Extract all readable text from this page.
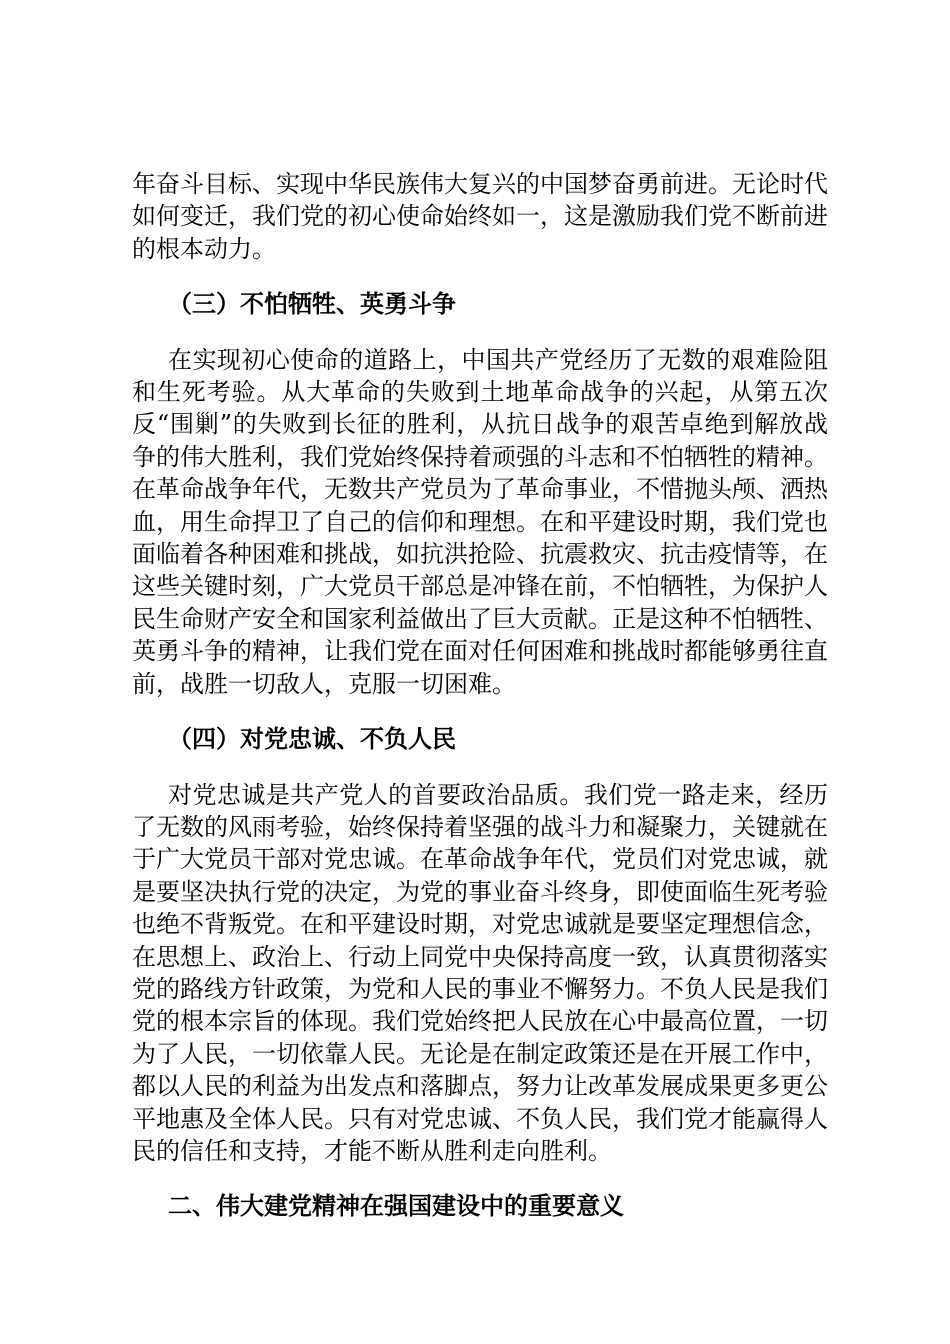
年奋斗目标、实现中华民族伟大复兴的中国梦奋勇前进。无论时代如何变迁，我们党的初心使命始终如一，这是激励我们党不断前进的根本动力。

（三）不怕牺牲、英勇斗争

在实现初心使命的道路上，中国共产党经历了无数的艰难险阻和生死考验。从大革命的失败到土地革命战争的兴起，从第五次反“围剿”的失败到长征的胜利，从抗日战争的艰苦卓绝到解放战争的伟大胜利，我们党始终保持着顽强的斗志和不怕牺牲的精神。在革命战争年代，无数共产党员为了革命事业，不惜抛头颅、洒热血，用生命捍卫了自己的信仰和理想。在和平建设时期，我们党也面临着各种困难和挑战，如抗洪抢险、抗震救灾、抗击疫情等，在这些关键时刻，广大党员干部总是冲锋在前，不怕牺牲，为保护人民生命财产安全和国家利益做出了巨大贡献。正是这种不怕牺牲、英勇斗争的精神，让我们党在面对任何困难和挑战时都能够勇往直前，战胜一切敌人，克服一切困难。

（四）对党忠诚、不负人民

对党忠诚是共产党人的首要政治品质。我们党一路走来，经历了无数的风雨考验，始终保持着坚强的战斗力和凝聚力，关键就在于广大党员干部对党忠诚。在革命战争年代，党员们对党忠诚，就是要坚决执行党的决定，为党的事业奋斗终身，即使面临生死考验也绝不背叛党。在和平建设时期，对党忠诚就是要坚定理想信念，在思想上、政治上、行动上同党中央保持高度一致，认真贯彻落实党的路线方针政策，为党和人民的事业不懈努力。不负人民是我们党的根本宗旨的体现。我们党始终把人民放在心中最高位置，一切为了人民，一切依靠人民。无论是在制定政策还是在开展工作中，都以人民的利益为出发点和落脚点，努力让改革发展成果更多更公平地惠及全体人民。只有对党忠诚、不负人民，我们党才能赢得人民的信任和支持，才能不断从胜利走向胜利。

二、伟大建党精神在强国建设中的重要意义
